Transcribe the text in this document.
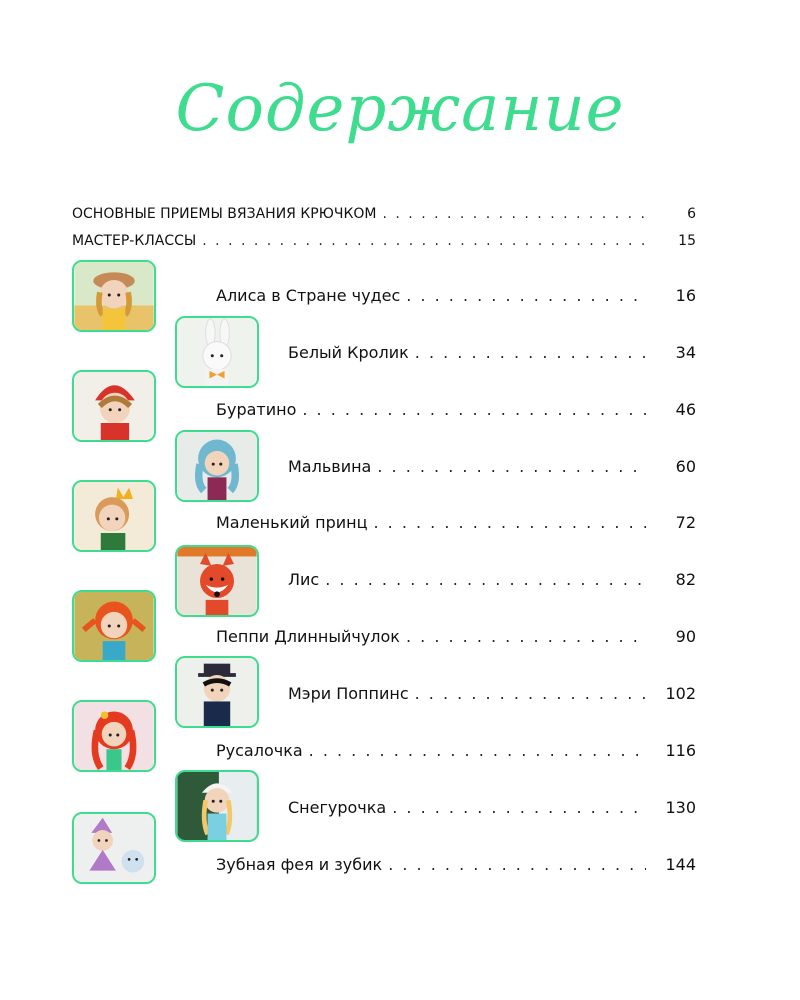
Содержание
ОСНОВНЫЕ ПРИЕМЫ ВЯЗАНИЯ КРЮЧКОМ . . .	6
МАСТЕР-КЛАССЫ . . .	15
Алиса в Стране чудес . . .	16
Белый Кролик . . .	34
Буратино . . .	46
Мальвина . . .	60
Маленький принц . . .	72
Лис . . .	82
Пеппи Длинныйчулок . . .	90
Мэри Поппинс . . .	102
Русалочка . . .	116
Снегурочка . . .	130
Зубная фея и зубик . . .	144
